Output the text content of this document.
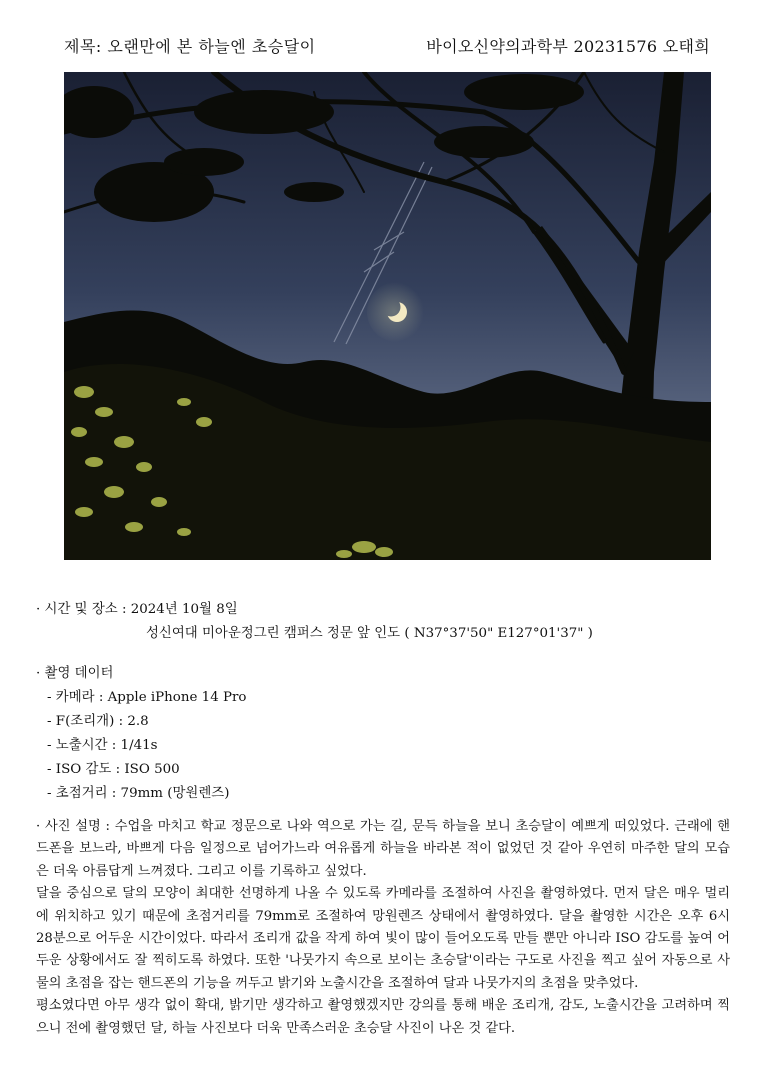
제목: 오랜만에 본 하늘엔 초승달이	바이오신약의과학부 20231576 오태희
· 시간 및 장소 : 2024년 10월 8일
성신여대 미아운정그린 캠퍼스 정문 앞 인도 ( N37°37'50" E127°01'37" )
· 촬영 데이터
- 카메라 : Apple iPhone 14 Pro
- F(조리개) : 2.8
- 노출시간 : 1/41s
- ISO 감도 : ISO 500
- 초점거리 : 79mm (망원렌즈)

· 사진 설명 : 수업을 마치고 학교 정문으로 나와 역으로 가는 길, 문득 하늘을 보니 초승달이 예쁘게 떠있었다. 근래에 핸드폰을 보느라, 바쁘게 다음 일정으로 넘어가느라 여유롭게 하늘을 바라본 적이 없었던 것 같아 우연히 마주한 달의 모습은 더욱 아름답게 느껴졌다. 그리고 이를 기록하고 싶었다.

달을 중심으로 달의 모양이 최대한 선명하게 나올 수 있도록 카메라를 조절하여 사진을 촬영하였다. 먼저 달은 매우 멀리에 위치하고 있기 때문에 초점거리를 79mm로 조절하여 망원렌즈 상태에서 촬영하였다. 달을 촬영한 시간은 오후 6시 28분으로 어두운 시간이었다. 따라서 조리개 값을 작게 하여 빛이 많이 들어오도록 만들 뿐만 아니라 ISO 감도를 높여 어두운 상황에서도 잘 찍히도록 하였다. 또한 '나뭇가지 속으로 보이는 초승달'이라는 구도로 사진을 찍고 싶어 자동으로 사물의 초점을 잡는 핸드폰의 기능을 꺼두고 밝기와 노출시간을 조절하여 달과 나뭇가지의 초점을 맞추었다.

평소였다면 아무 생각 없이 확대, 밝기만 생각하고 촬영했겠지만 강의를 통해 배운 조리개, 감도, 노출시간을 고려하며 찍으니 전에 촬영했던 달, 하늘 사진보다 더욱 만족스러운 초승달 사진이 나온 것 같다.
